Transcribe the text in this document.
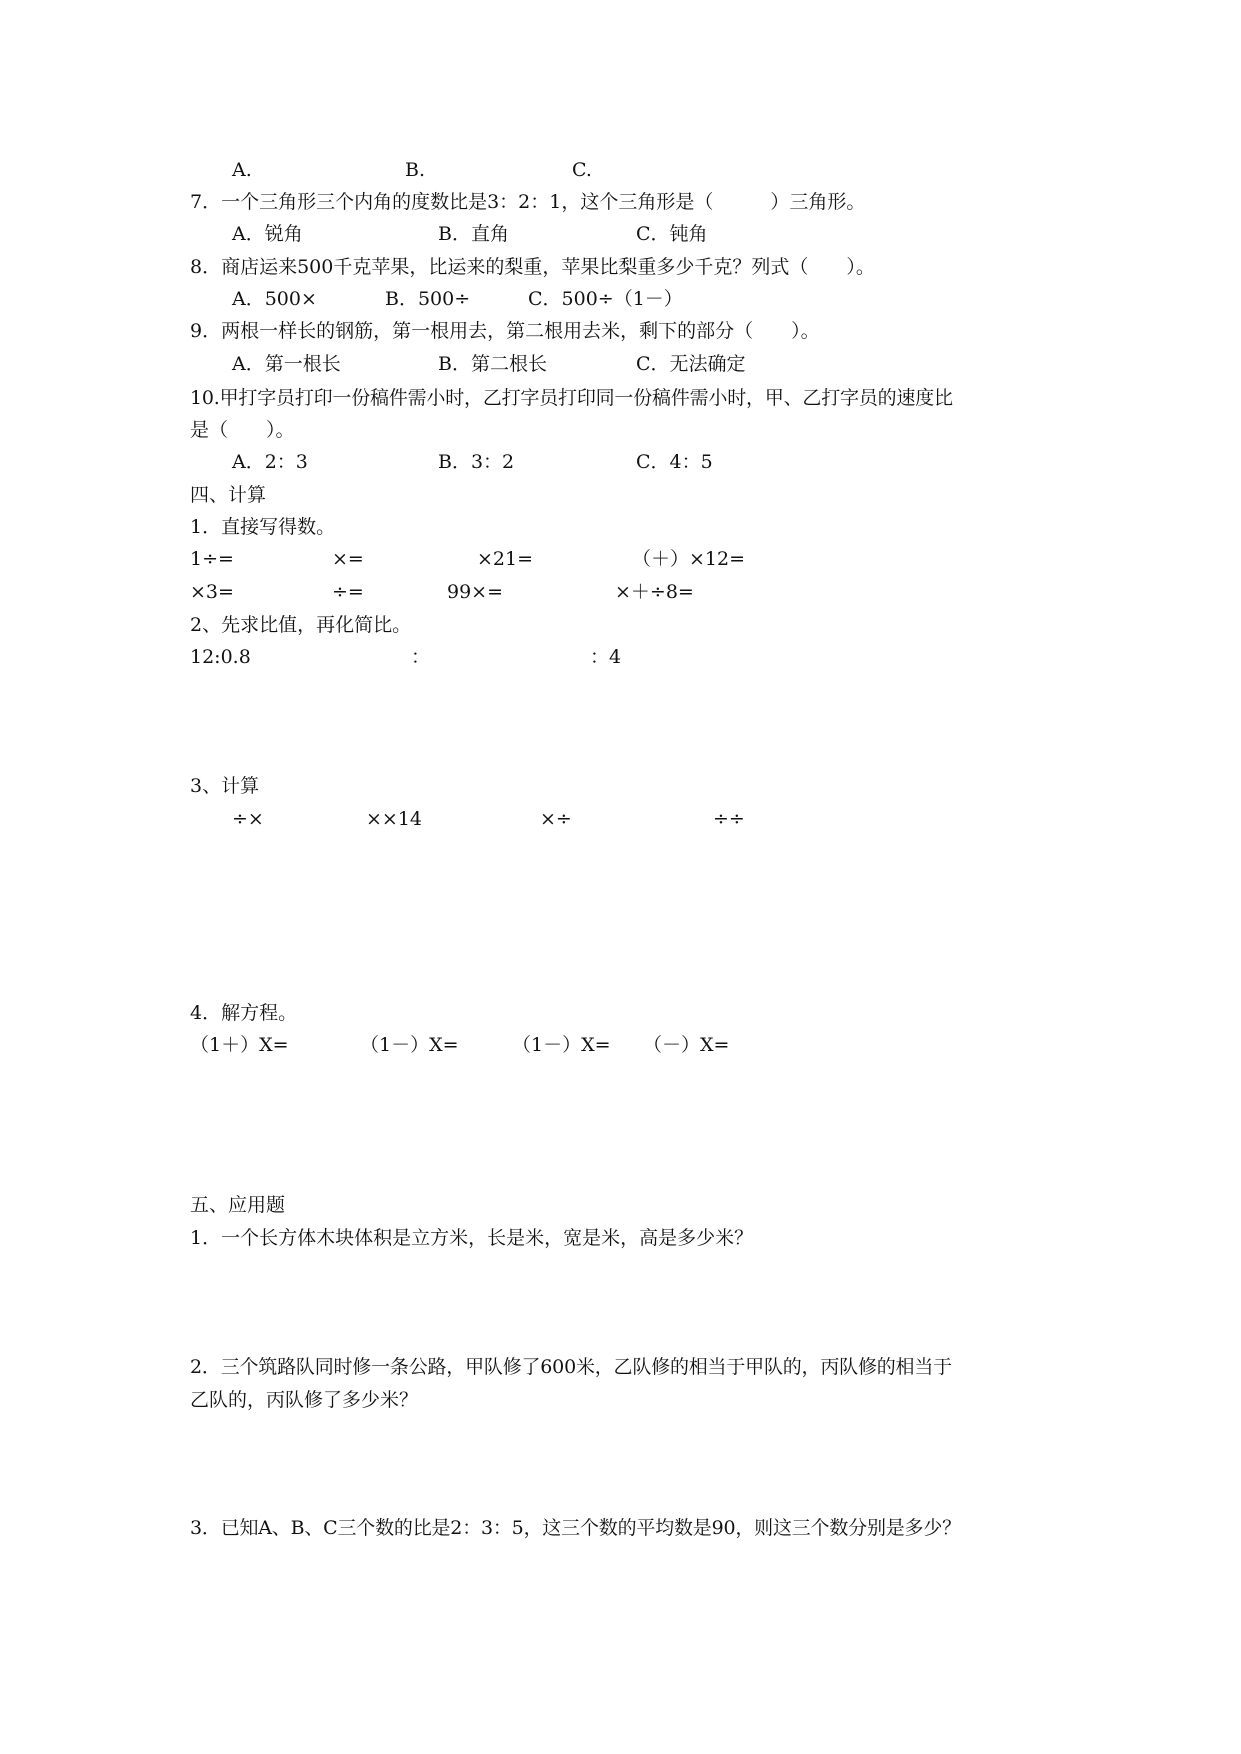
A.	B.	C.
7．一个三角形三个内角的度数比是3：2：1，这个三角形是（　　　）三角形。
A．锐角	B．直角	C．钝角
8．商店运来500千克苹果，比运来的梨重，苹果比梨重多少千克？列式（　　）。
A．500×	B．500÷	C．500÷（1－）
9．两根一样长的钢筋，第一根用去，第二根用去米，剩下的部分（　　）。
A．第一根长	B．第二根长	C．无法确定
10.甲打字员打印一份稿件需小时，乙打字员打印同一份稿件需小时，甲、乙打字员的速度比
是（　　）。
A．2：3	B．3：2	C．4：5
四、计算
1．直接写得数。
1÷=	×=	×21=	（＋）×12=
×3=	÷=	99×=	×＋÷8=
2、先求比值，再化简比。
12:0.8	：	：4
3、计算
÷×	××14	×÷	÷÷
4．解方程。
（1＋）X=	（1－）X=	（1－）X= （－）X=
五、应用题
1．一个长方体木块体积是立方米，长是米，宽是米，高是多少米？
2．三个筑路队同时修一条公路，甲队修了600米，乙队修的相当于甲队的，丙队修的相当于
乙队的，丙队修了多少米？
3．已知A、B、C三个数的比是2：3：5，这三个数的平均数是90，则这三个数分别是多少？
